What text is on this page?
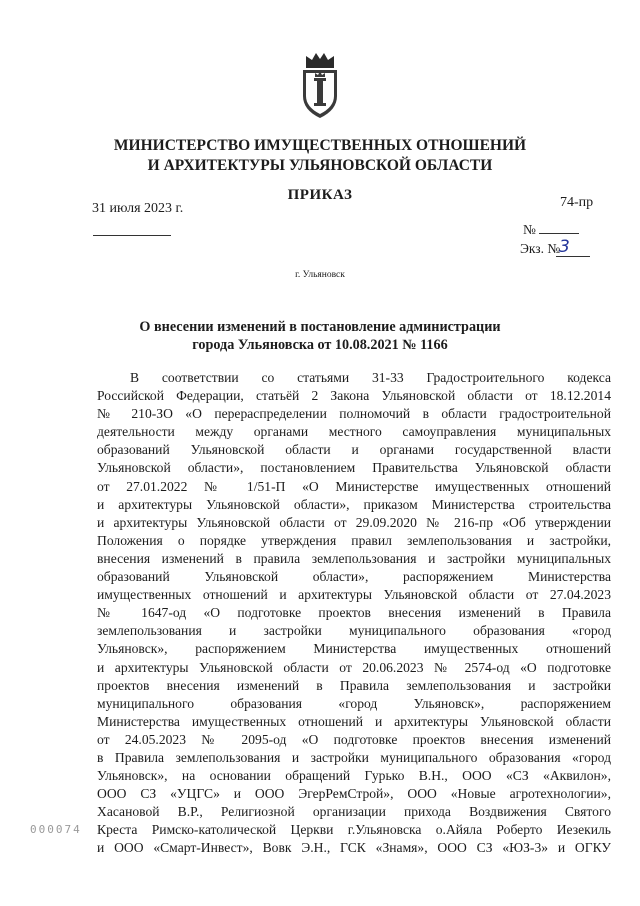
МИНИСТЕРСТВО ИМУЩЕСТВЕННЫХ ОТНОШЕНИЙ
И АРХИТЕКТУРЫ УЛЬЯНОВСКОЙ ОБЛАСТИ
ПРИКАЗ
31 июля 2023 г.	74-пр
№
Экз. №
3
г. Ульяновск
О внесении изменений в постановление администрации
города Ульяновска от 10.08.2021 № 1166
В соответствии со статьями 31-33 Градостроительного кодекса
Российской Федерации, статьёй 2 Закона Ульяновской области от 18.12.2014
№ 210-ЗО «О перераспределении полномочий в области градостроительной
деятельности между органами местного самоуправления муниципальных
образований Ульяновской области и органами государственной власти
Ульяновской области», постановлением Правительства Ульяновской области
от 27.01.2022 № 1/51-П «О Министерстве имущественных отношений
и архитектуры Ульяновской области», приказом Министерства строительства
и архитектуры Ульяновской области от 29.09.2020 № 216-пр «Об утверждении
Положения о порядке утверждения правил землепользования и застройки,
внесения изменений в правила землепользования и застройки муниципальных
образований Ульяновской области», распоряжением Министерства
имущественных отношений и архитектуры Ульяновской области от 27.04.2023
№ 1647-од «О подготовке проектов внесения изменений в Правила
землепользования и застройки муниципального образования «город
Ульяновск», распоряжением Министерства имущественных отношений
и архитектуры Ульяновской области от 20.06.2023 № 2574-од «О подготовке
проектов внесения изменений в Правила землепользования и застройки
муниципального образования «город Ульяновск», распоряжением
Министерства имущественных отношений и архитектуры Ульяновской области
от 24.05.2023 № 2095-од «О подготовке проектов внесения изменений
в Правила землепользования и застройки муниципального образования «город
Ульяновск», на основании обращений Гурько В.Н., ООО «СЗ «Аквилон»,
ООО СЗ «УЦГС» и ООО ЭгерРемСтрой», ООО «Новые агротехнологии»,
Хасановой В.Р., Религиозной организации прихода Воздвижения Святого
Креста Римско-католической Церкви г.Ульяновска о.Айяла Роберто Иезекиль
и ООО «Смарт-Инвест», Вовк Э.Н., ГСК «Знамя», ООО СЗ «ЮЗ-3» и ОГКУ
000074
